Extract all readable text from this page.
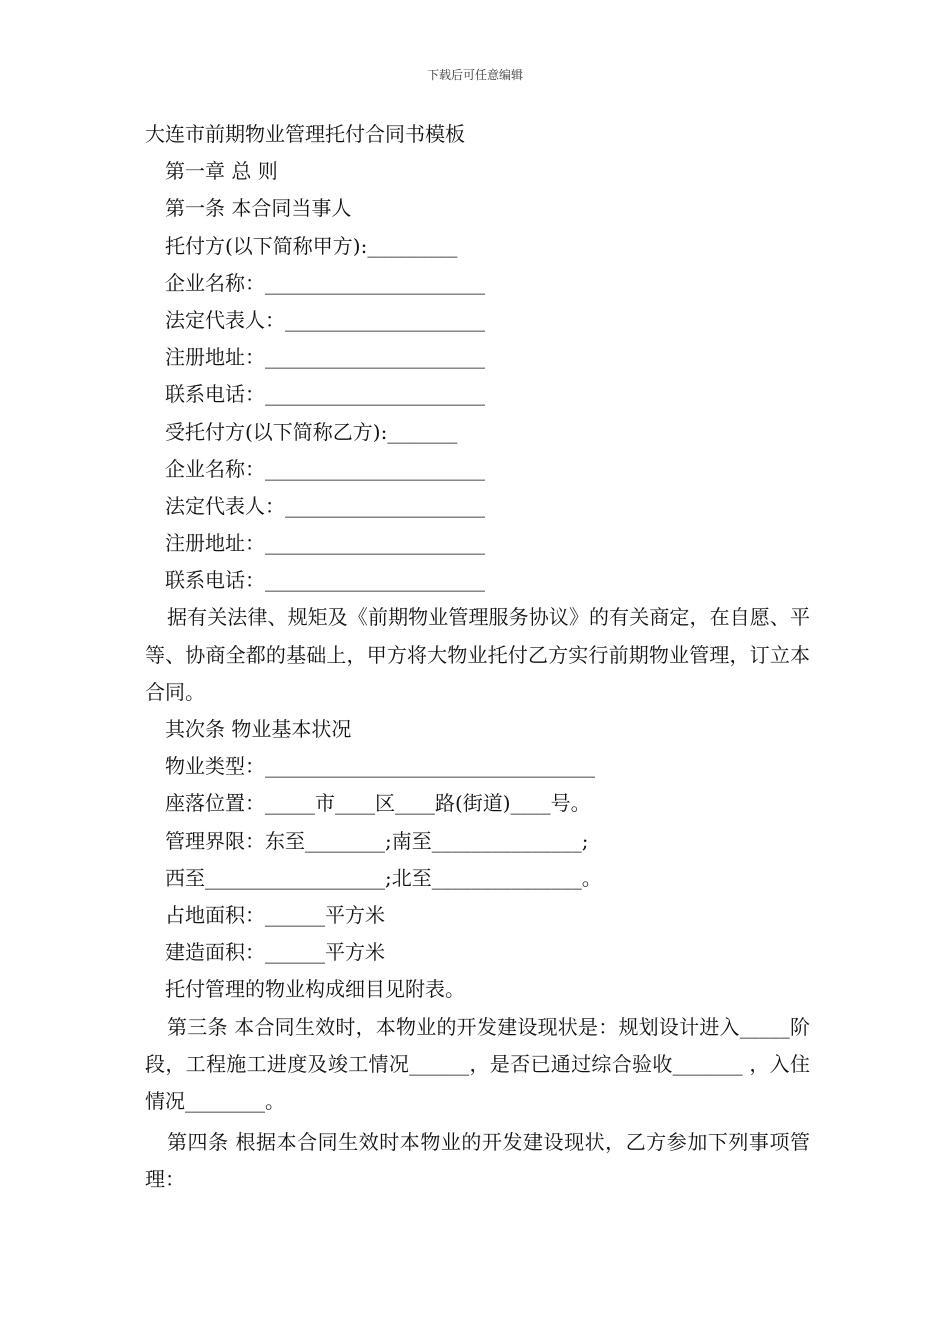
下载后可任意编辑
大连市前期物业管理托付合同书模板
第一章 总 则
第一条 本合同当事人
托付方(以下简称甲方):_________
企业名称：______________________
法定代表人：____________________
注册地址：______________________
联系电话：______________________
受托付方(以下简称乙方):_______
企业名称：______________________
法定代表人：____________________
注册地址：______________________
联系电话：______________________
据有关法律、规矩及《前期物业管理服务协议》的有关商定，在自愿、平等、协商全都的基础上，甲方将大物业托付乙方实行前期物业管理，订立本合同。
其次条 物业基本状况
物业类型：_________________________________
座落位置：_____市____区____路(街道)____号。
管理界限：东至________;南至_______________;
西至__________________;北至_______________。
占地面积：______平方米
建造面积：______平方米
托付管理的物业构成细目见附表。
第三条 本合同生效时，本物业的开发建设现状是：规划设计进入_____阶段，工程施工进度及竣工情况______，是否已通过综合验收_______ ，入住情况________。
第四条 根据本合同生效时本物业的开发建设现状，乙方参加下列事项管理：
